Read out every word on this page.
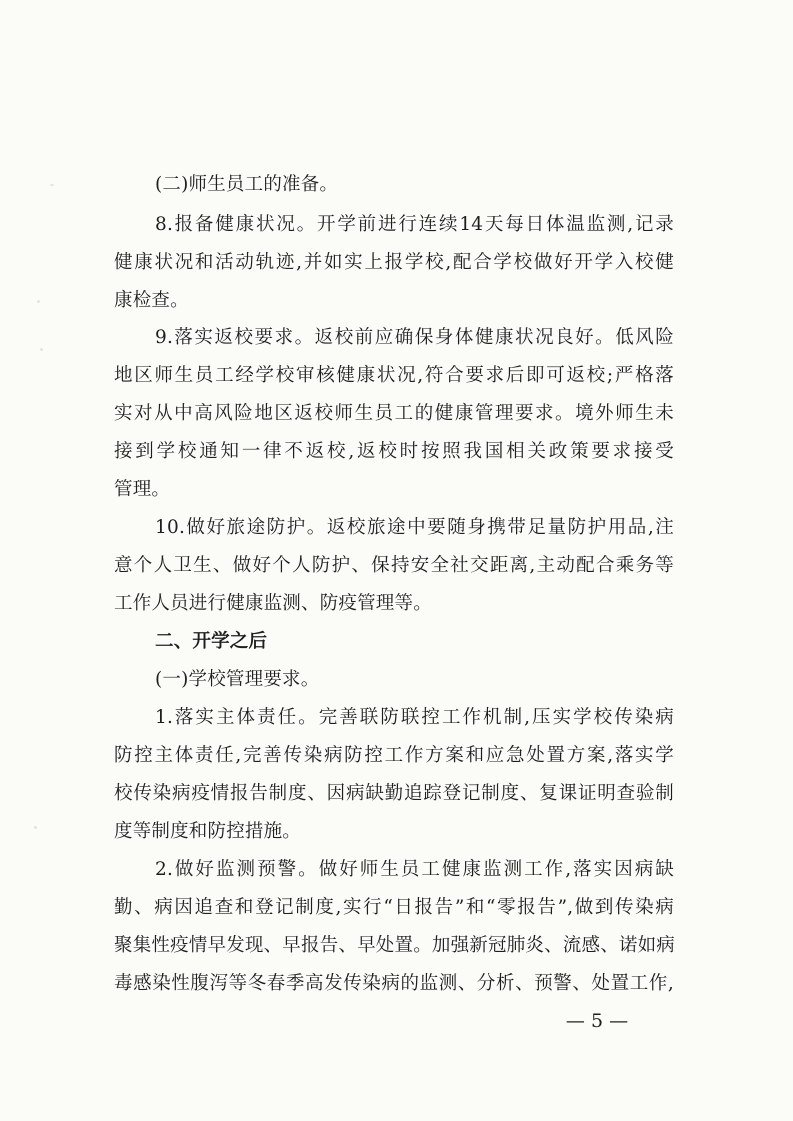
(二)师生员工的准备。
8.报备健康状况。开学前进行连续14天每日体温监测,记录
健康状况和活动轨迹,并如实上报学校,配合学校做好开学入校健
康检查。
9.落实返校要求。返校前应确保身体健康状况良好。低风险
地区师生员工经学校审核健康状况,符合要求后即可返校;严格落
实对从中高风险地区返校师生员工的健康管理要求。境外师生未
接到学校通知一律不返校,返校时按照我国相关政策要求接受
管理。
10.做好旅途防护。返校旅途中要随身携带足量防护用品,注
意个人卫生、做好个人防护、保持安全社交距离,主动配合乘务等
工作人员进行健康监测、防疫管理等。
二、开学之后
(一)学校管理要求。
1.落实主体责任。完善联防联控工作机制,压实学校传染病
防控主体责任,完善传染病防控工作方案和应急处置方案,落实学
校传染病疫情报告制度、因病缺勤追踪登记制度、复课证明查验制
度等制度和防控措施。
2.做好监测预警。做好师生员工健康监测工作,落实因病缺
勤、病因追查和登记制度,实行“日报告”和“零报告”,做到传染病
聚集性疫情早发现、早报告、早处置。加强新冠肺炎、流感、诺如病
毒感染性腹泻等冬春季高发传染病的监测、分析、预警、处置工作,
— 5 —
